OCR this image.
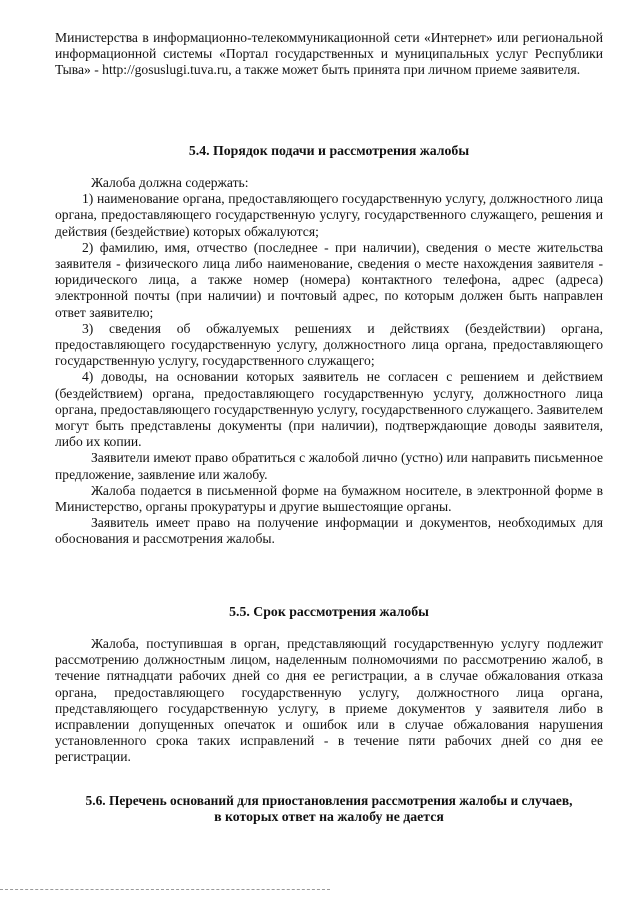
Министерства в информационно-телекоммуникационной сети «Интернет» или региональной информационной системы «Портал государственных и муниципальных услуг Республики Тыва» - http://gosuslugi.tuva.ru, а также может быть принята при личном приеме заявителя.

5.4. Порядок подачи и рассмотрения жалобы

Жалоба должна содержать:

1) наименование органа, предоставляющего государственную услугу, должностного лица органа, предоставляющего государственную услугу, государственного служащего, решения и действия (бездействие) которых обжалуются;

2) фамилию, имя, отчество (последнее - при наличии), сведения о месте жительства заявителя - физического лица либо наименование, сведения о месте нахождения заявителя - юридического лица, а также номер (номера) контактного телефона, адрес (адреса) электронной почты (при наличии) и почтовый адрес, по которым должен быть направлен ответ заявителю;

3) сведения об обжалуемых решениях и действиях (бездействии) органа, предоставляющего государственную услугу, должностного лица органа, предоставляющего государственную услугу, государственного служащего;

4) доводы, на основании которых заявитель не согласен с решением и действием (бездействием) органа, предоставляющего государственную услугу, должностного лица органа, предоставляющего государственную услугу, государственного служащего. Заявителем могут быть представлены документы (при наличии), подтверждающие доводы заявителя, либо их копии.

Заявители имеют право обратиться с жалобой лично (устно) или направить письменное предложение, заявление или жалобу.

Жалоба подается в письменной форме на бумажном носителе, в электронной форме в Министерство, органы прокуратуры и другие вышестоящие органы.

Заявитель имеет право на получение информации и документов, необходимых для обоснования и рассмотрения жалобы.

5.5. Срок рассмотрения жалобы

Жалоба, поступившая в орган, представляющий государственную услугу подлежит рассмотрению должностным лицом, наделенным полномочиями по рассмотрению жалоб, в течение пятнадцати рабочих дней со дня ее регистрации, а в случае обжалования отказа органа, предоставляющего государственную услугу, должностного лица органа, представляющего государственную услугу, в приеме документов у заявителя либо в исправлении допущенных опечаток и ошибок или в случае обжалования нарушения установленного срока таких исправлений - в течение пяти рабочих дней со дня ее регистрации.

5.6. Перечень оснований для приостановления рассмотрения жалобы и случаев,
в которых ответ на жалобу не дается
